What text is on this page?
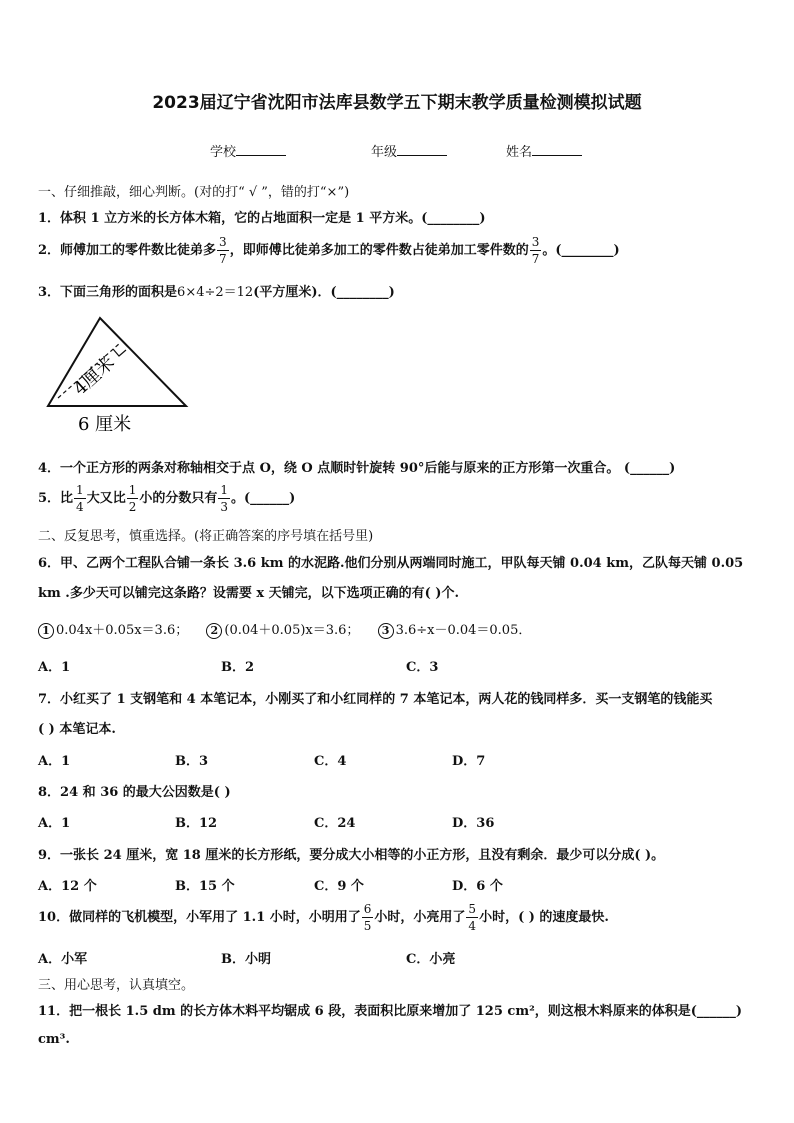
2023届辽宁省沈阳市法库县数学五下期末教学质量检测模拟试题
学校	年级	姓名
一、仔细推敲，细心判断。(对的打“ √ ”，错的打“×”)
1．体积 1 立方米的长方体木箱，它的占地面积一定是 1 平方米。(________)
2．师傅加工的零件数比徒弟多 $\frac{3}{7}$ ，即师傅比徒弟多加工的零件数占徒弟加工零件数的 $\frac{3}{7}$ 。(________)
3．下面三角形的面积是6×4÷2＝12(平方厘米)．(________)
4厘米
6 厘米
4．一个正方形的两条对称轴相交于点 O，绕 O 点顺时针旋转 90°后能与原来的正方形第一次重合。 (______)
5．比 $\frac{1}{4}$ 大又比 $\frac{1}{2}$ 小的分数只有 $\frac{1}{3}$ 。(______)
二、反复思考，慎重选择。(将正确答案的序号填在括号里)
6．甲、乙两个工程队合铺一条长 3.6 km 的水泥路.他们分别从两端同时施工，甲队每天铺 0.04 km，乙队每天铺 0.05
km .多少天可以铺完这条路？设需要 x 天铺完，以下选项正确的有( )个.
1 0.04x＋0.05x＝3.6； 2 (0.04＋0.05)x＝3.6； 3 3.6÷x－0.04＝0.05．
A．1	B．2	C．3
7．小红买了 1 支钢笔和 4 本笔记本，小刚买了和小红同样的 7 本笔记本，两人花的钱同样多．买一支钢笔的钱能买
( ) 本笔记本.
A．1	B．3	C．4	D．7
8．24 和 36 的最大公因数是( )
A．1	B．12	C．24	D．36
9．一张长 24 厘米，宽 18 厘米的长方形纸，要分成大小相等的小正方形，且没有剩余．最少可以分成( )。
A．12 个	B．15 个	C．9 个	D．6 个
10．做同样的飞机模型，小军用了 1.1 小时，小明用了 $\frac{6}{5}$ 小时，小亮用了 $\frac{5}{4}$ 小时，( ) 的速度最快.
A．小军	B．小明	C．小亮
三、用心思考，认真填空。
11．把一根长 1.5 dm 的长方体木料平均锯成 6 段，表面积比原来增加了 125 cm²，则这根木料原来的体积是(______)
cm³.
